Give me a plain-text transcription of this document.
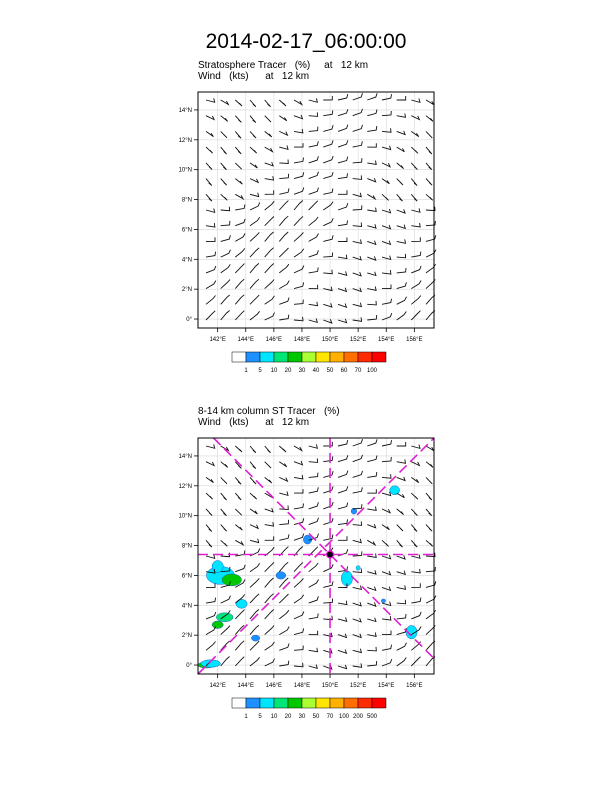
2014-02-17_06:00:00
Stratosphere Tracer   (%)     at   12 km
Wind   (kts)      at   12 km
142°E 144°E 146°E 148°E 150°E 152°E 154°E 156°E
0°
2°N
4°N
6°N
8°N
10°N
12°N
14°N
1 5 10 20 30 40 50 60 70 100
8-14 km column ST Tracer   (%)
Wind   (kts)      at   12 km
142°E 144°E 146°E 148°E 150°E 152°E 154°E 156°E
0°
2°N
4°N
6°N
8°N
10°N
12°N
14°N
1 5 10 20 30 50 70 100 200 500
